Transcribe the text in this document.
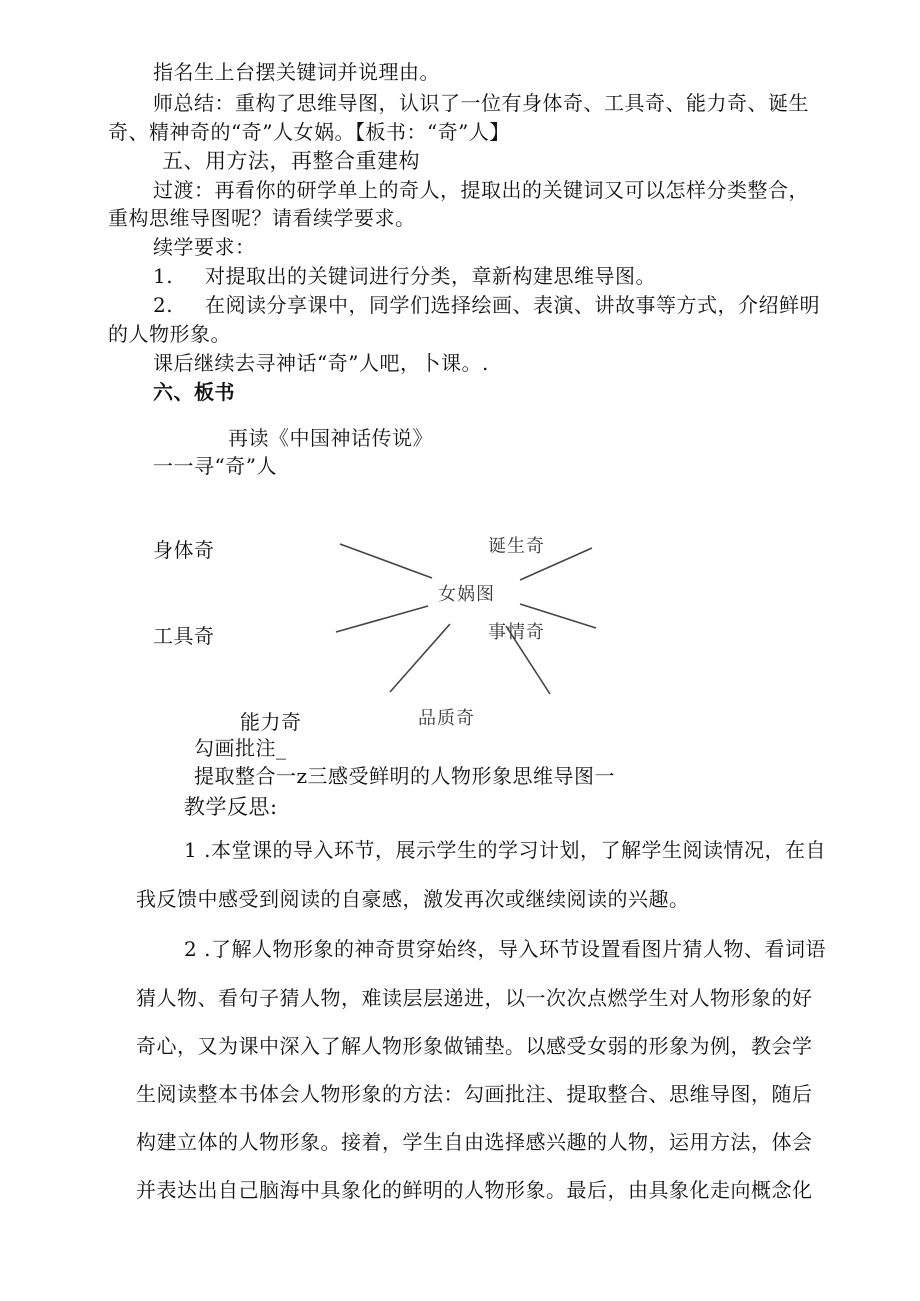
指名生上台摆关键词并说理由。
师总结：重构了思维导图，认识了一位有身体奇、工具奇、能力奇、诞生
奇、精神奇的“奇”人女娲。【板书：“奇”人】
五、用方法，再整合重建构
过渡：再看你的研学单上的奇人，提取出的关键词又可以怎样分类整合，
重构思维导图呢？请看续学要求。
续学要求：
1. 对提取出的关键词进行分类，章新构建思维导图。
2. 在阅读分享课中，同学们选择绘画、表演、讲故事等方式，介绍鲜明
的人物形象。
课后继续去寻神话“奇”人吧，卜课。.
六、板书
再读《中国神话传说》
一一寻“奇”人
身体奇
工具奇
能力奇
女娲图
诞生奇
事情奇
品质奇
勾画批注_
提取整合一z三感受鲜明的人物形象思维导图一
教学反思:
1 .本堂课的导入环节，展示学生的学习计划，了解学生阅读情况，在自
我反馈中感受到阅读的自豪感，激发再次或继续阅读的兴趣。
2 .了解人物形象的神奇贯穿始终，导入环节设置看图片猜人物、看词语
猜人物、看句子猜人物，难读层层递进，以一次次点燃学生对人物形象的好
奇心，又为课中深入了解人物形象做铺垫。以感受女弱的形象为例，教会学
生阅读整本书体会人物形象的方法：勾画批注、提取整合、思维导图，随后
构建立体的人物形象。接着，学生自由选择感兴趣的人物，运用方法，体会
并表达出自己脑海中具象化的鲜明的人物形象。最后，由具象化走向概念化
